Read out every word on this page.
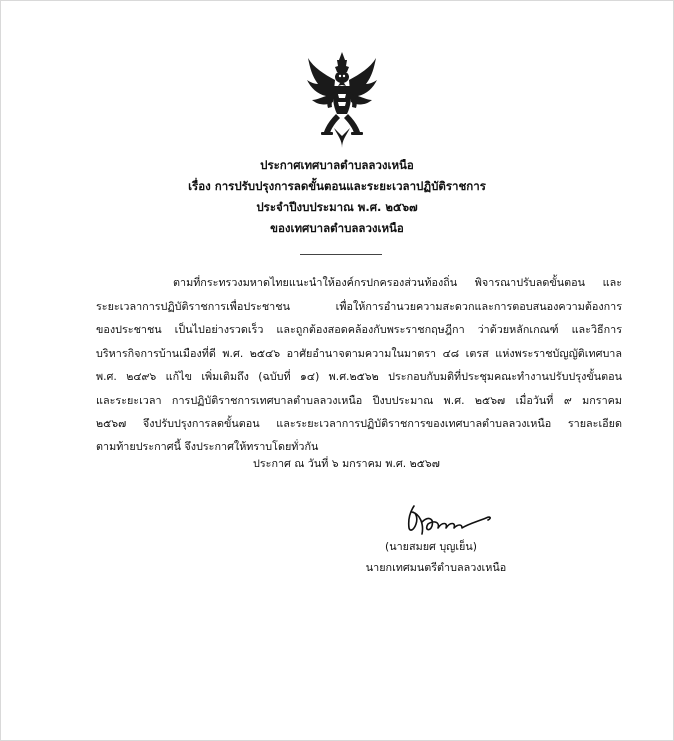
ประกาศเทศบาลตำบลลวงเหนือ
เรื่อง การปรับปรุงการลดขั้นตอนและระยะเวลาปฏิบัติราชการ
ประจำปีงบประมาณ พ.ศ. ๒๕๖๗
ของเทศบาลตำบลลวงเหนือ
ตามที่กระทรวงมหาดไทยแนะนำให้องค์กรปกครองส่วนท้องถิ่น พิจารณาปรับลดขั้นตอน และ
ระยะเวลาการปฏิบัติราชการเพื่อประชาชน เพื่อให้การอำนวยความสะดวกและการตอบสนองความต้องการ
ของประชาชน เป็นไปอย่างรวดเร็ว และถูกต้องสอดคล้องกับพระราชกฤษฎีกา ว่าด้วยหลักเกณฑ์ และวิธีการ
บริหารกิจการบ้านเมืองที่ดี พ.ศ. ๒๕๔๖ อาศัยอำนาจตามความในมาตรา ๔๘ เตรส แห่งพระราชบัญญัติเทศบาล
พ.ศ. ๒๔๙๖ แก้ไข เพิ่มเติมถึง (ฉบับที่ ๑๔) พ.ศ.๒๕๖๒ ประกอบกับมติที่ประชุมคณะทำงานปรับปรุงขั้นตอน
และระยะเวลา การปฏิบัติราชการเทศบาลตำบลลวงเหนือ ปีงบประมาณ พ.ศ. ๒๕๖๗ เมื่อวันที่ ๙ มกราคม
๒๕๖๗ จึงปรับปรุงการลดขั้นตอน และระยะเวลาการปฏิบัติราชการของเทศบาลตำบลลวงเหนือ รายละเอียด
ตามท้ายประกาศนี้ จึงประกาศให้ทราบโดยทั่วกัน
ประกาศ ณ วันที่ ๖ มกราคม พ.ศ. ๒๕๖๗
(นายสมยศ บุญเย็น)
นายกเทศมนตรีตำบลลวงเหนือ
